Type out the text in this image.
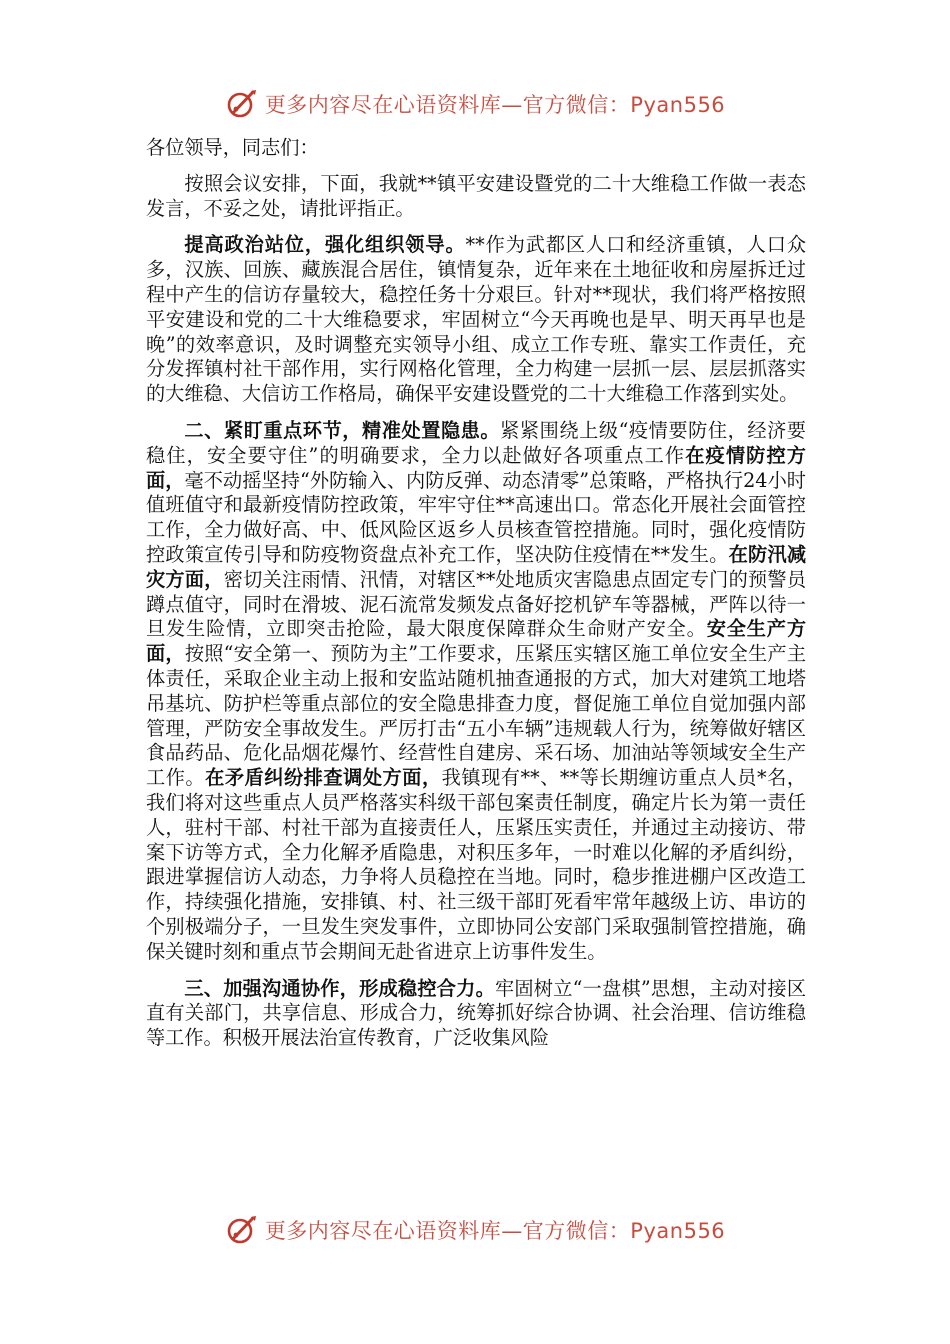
更多内容尽在心语资料库—官方微信：Pyan556

各位领导，同志们：

按照会议安排，下面，我就**镇平安建设暨党的二十大维稳工作做一表态发言，不妥之处，请批评指正。

提高政治站位，强化组织领导。**作为武都区人口和经济重镇，人口众多，汉族、回族、藏族混合居住，镇情复杂，近年来在土地征收和房屋拆迁过程中产生的信访存量较大，稳控任务十分艰巨。针对**现状，我们将严格按照平安建设和党的二十大维稳要求，牢固树立“今天再晚也是早、明天再早也是晚”的效率意识，及时调整充实领导小组、成立工作专班、靠实工作责任，充分发挥镇村社干部作用，实行网格化管理，全力构建一层抓一层、层层抓落实的大维稳、大信访工作格局，确保平安建设暨党的二十大维稳工作落到实处。

二、紧盯重点环节，精准处置隐患。紧紧围绕上级“疫情要防住，经济要稳住，安全要守住”的明确要求，全力以赴做好各项重点工作在疫情防控方面，毫不动摇坚持“外防输入、内防反弹、动态清零”总策略，严格执行24小时值班值守和最新疫情防控政策，牢牢守住**高速出口。常态化开展社会面管控工作，全力做好高、中、低风险区返乡人员核查管控措施。同时，强化疫情防控政策宣传引导和防疫物资盘点补充工作，坚决防住疫情在**发生。在防汛减灾方面，密切关注雨情、汛情，对辖区**处地质灾害隐患点固定专门的预警员蹲点值守，同时在滑坡、泥石流常发频发点备好挖机铲车等器械，严阵以待一旦发生险情，立即突击抢险，最大限度保障群众生命财产安全。安全生产方面，按照“安全第一、预防为主”工作要求，压紧压实辖区施工单位安全生产主体责任，采取企业主动上报和安监站随机抽查通报的方式，加大对建筑工地塔吊基坑、防护栏等重点部位的安全隐患排查力度，督促施工单位自觉加强内部管理，严防安全事故发生。严厉打击“五小车辆”违规载人行为，统筹做好辖区食品药品、危化品烟花爆竹、经营性自建房、采石场、加油站等领域安全生产工作。在矛盾纠纷排查调处方面，我镇现有**、**等长期缠访重点人员*名，我们将对这些重点人员严格落实科级干部包案责任制度，确定片长为第一责任人，驻村干部、村社干部为直接责任人，压紧压实责任，并通过主动接访、带案下访等方式，全力化解矛盾隐患，对积压多年，一时难以化解的矛盾纠纷，跟进掌握信访人动态，力争将人员稳控在当地。同时，稳步推进棚户区改造工作，持续强化措施，安排镇、村、社三级干部盯死看牢常年越级上访、串访的个别极端分子，一旦发生突发事件，立即协同公安部门采取强制管控措施，确保关键时刻和重点节会期间无赴省进京上访事件发生。

三、加强沟通协作，形成稳控合力。牢固树立“一盘棋”思想，主动对接区直有关部门，共享信息、形成合力，统筹抓好综合协调、社会治理、信访维稳等工作。积极开展法治宣传教育，广泛收集风险

更多内容尽在心语资料库—官方微信：Pyan556
